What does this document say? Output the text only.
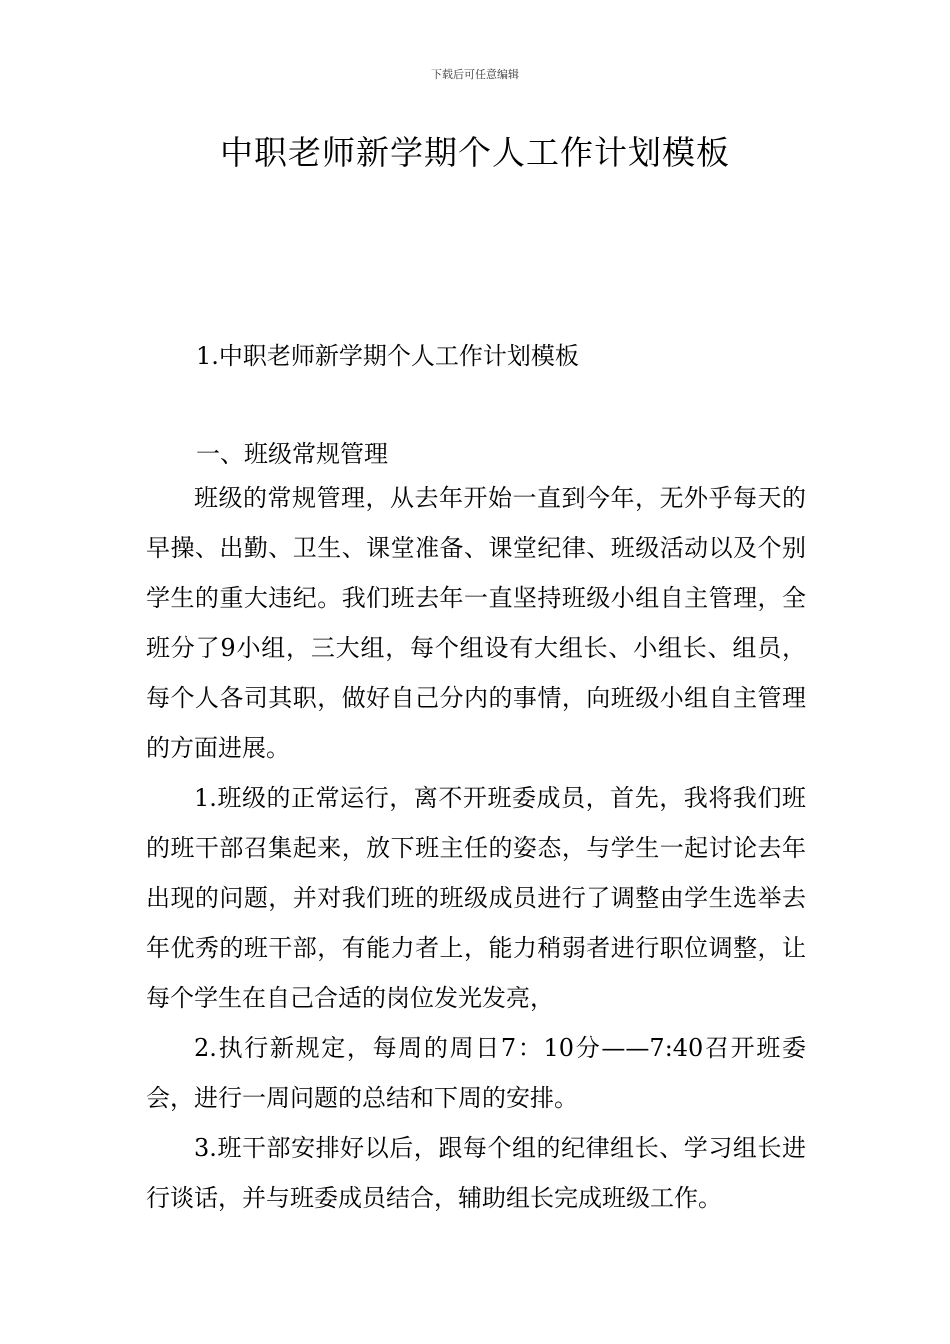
下载后可任意编辑
中职老师新学期个人工作计划模板
1.中职老师新学期个人工作计划模板
一、班级常规管理

班级的常规管理，从去年开始一直到今年，无外乎每天的早操、出勤、卫生、课堂准备、课堂纪律、班级活动以及个别学生的重大违纪。我们班去年一直坚持班级小组自主管理，全班分了9小组，三大组，每个组设有大组长、小组长、组员，每个人各司其职，做好自己分内的事情，向班级小组自主管理的方面进展。

1.班级的正常运行，离不开班委成员，首先，我将我们班的班干部召集起来，放下班主任的姿态，与学生一起讨论去年出现的问题，并对我们班的班级成员进行了调整由学生选举去年优秀的班干部，有能力者上，能力稍弱者进行职位调整，让每个学生在自己合适的岗位发光发亮，

2.执行新规定，每周的周日7：10分——7:40召开班委会，进行一周问题的总结和下周的安排。

3.班干部安排好以后，跟每个组的纪律组长、学习组长进行谈话，并与班委成员结合，辅助组长完成班级工作。
